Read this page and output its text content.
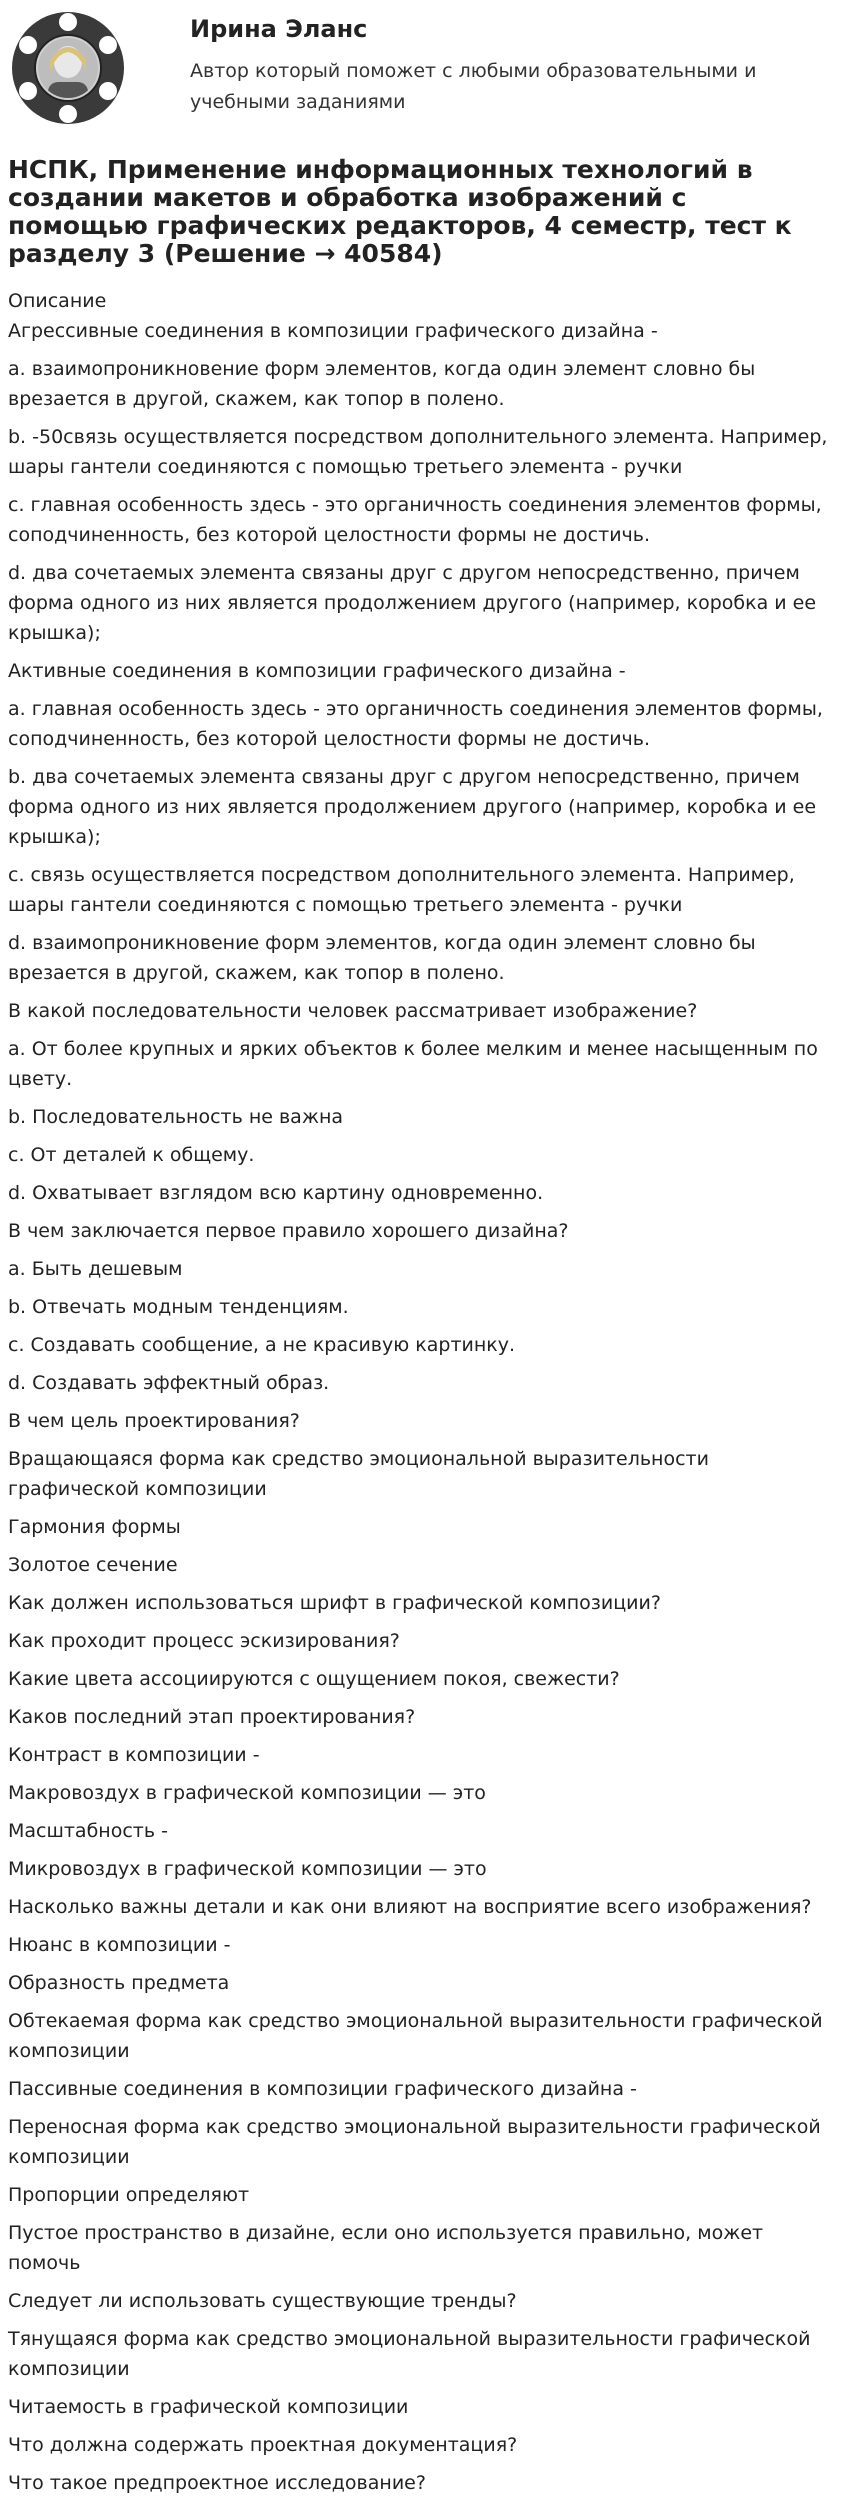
Ирина Эланс
Автор который поможет с любыми образовательными и учебными заданиями
НСПК, Применение информационных технологий в создании макетов и обработка изображений с помощью графических редакторов, 4 семестр, тест к разделу 3 (Решение → 40584)
Описание

Агрессивные соединения в композиции графического дизайна -

a. взаимопроникновение форм элементов, когда один элемент словно бы врезается в другой, скажем, как топор в полено.

b. -50связь осуществляется посредством дополнительного элемента. Например, шары гантели соединяются с помощью третьего элемента - ручки

c. главная особенность здесь - это органичность соединения элементов формы, соподчиненность, без которой целостности формы не достичь.

d. два сочетаемых элемента связаны друг с другом непосредственно, причем форма одного из них является продолжением другого (например, коробка и ее крышка);

Активные соединения в композиции графического дизайна -

a. главная особенность здесь - это органичность соединения элементов формы, соподчиненность, без которой целостности формы не достичь.

b. два сочетаемых элемента связаны друг с другом непосредственно, причем форма одного из них является продолжением другого (например, коробка и ее крышка);

c. связь осуществляется посредством дополнительного элемента. Например, шары гантели соединяются с помощью третьего элемента - ручки

d. взаимопроникновение форм элементов, когда один элемент словно бы врезается в другой, скажем, как топор в полено.

В какой последовательности человек рассматривает изображение?

a. От более крупных и ярких объектов к более мелким и менее насыщенным по цвету.

b. Последовательность не важна

c. От деталей к общему.

d. Охватывает взглядом всю картину одновременно.

В чем заключается первое правило хорошего дизайна?

a. Быть дешевым

b. Отвечать модным тенденциям.

c. Создавать сообщение, а не красивую картинку.

d. Создавать эффектный образ.

В чем цель проектирования?

Вращающаяся форма как средство эмоциональной выразительности графической композиции

Гармония формы

Золотое сечение

Как должен использоваться шрифт в графической композиции?

Как проходит процесс эскизирования?

Какие цвета ассоциируются с ощущением покоя, свежести?

Каков последний этап проектирования?

Контраст в композиции -

Макровоздух в графической композиции — это

Масштабность -

Микровоздух в графической композиции — это

Насколько важны детали и как они влияют на восприятие всего изображения?

Нюанс в композиции -

Образность предмета

Обтекаемая форма как средство эмоциональной выразительности графической композиции

Пассивные соединения в композиции графического дизайна -

Переносная форма как средство эмоциональной выразительности графической композиции

Пропорции определяют

Пустое пространство в дизайне, если оно используется правильно, может помочь

Следует ли использовать существующие тренды?

Тянущаяся форма как средство эмоциональной выразительности графической композиции

Читаемость в графической композиции

Что должна содержать проектная документация?

Что такое предпроектное исследование?
